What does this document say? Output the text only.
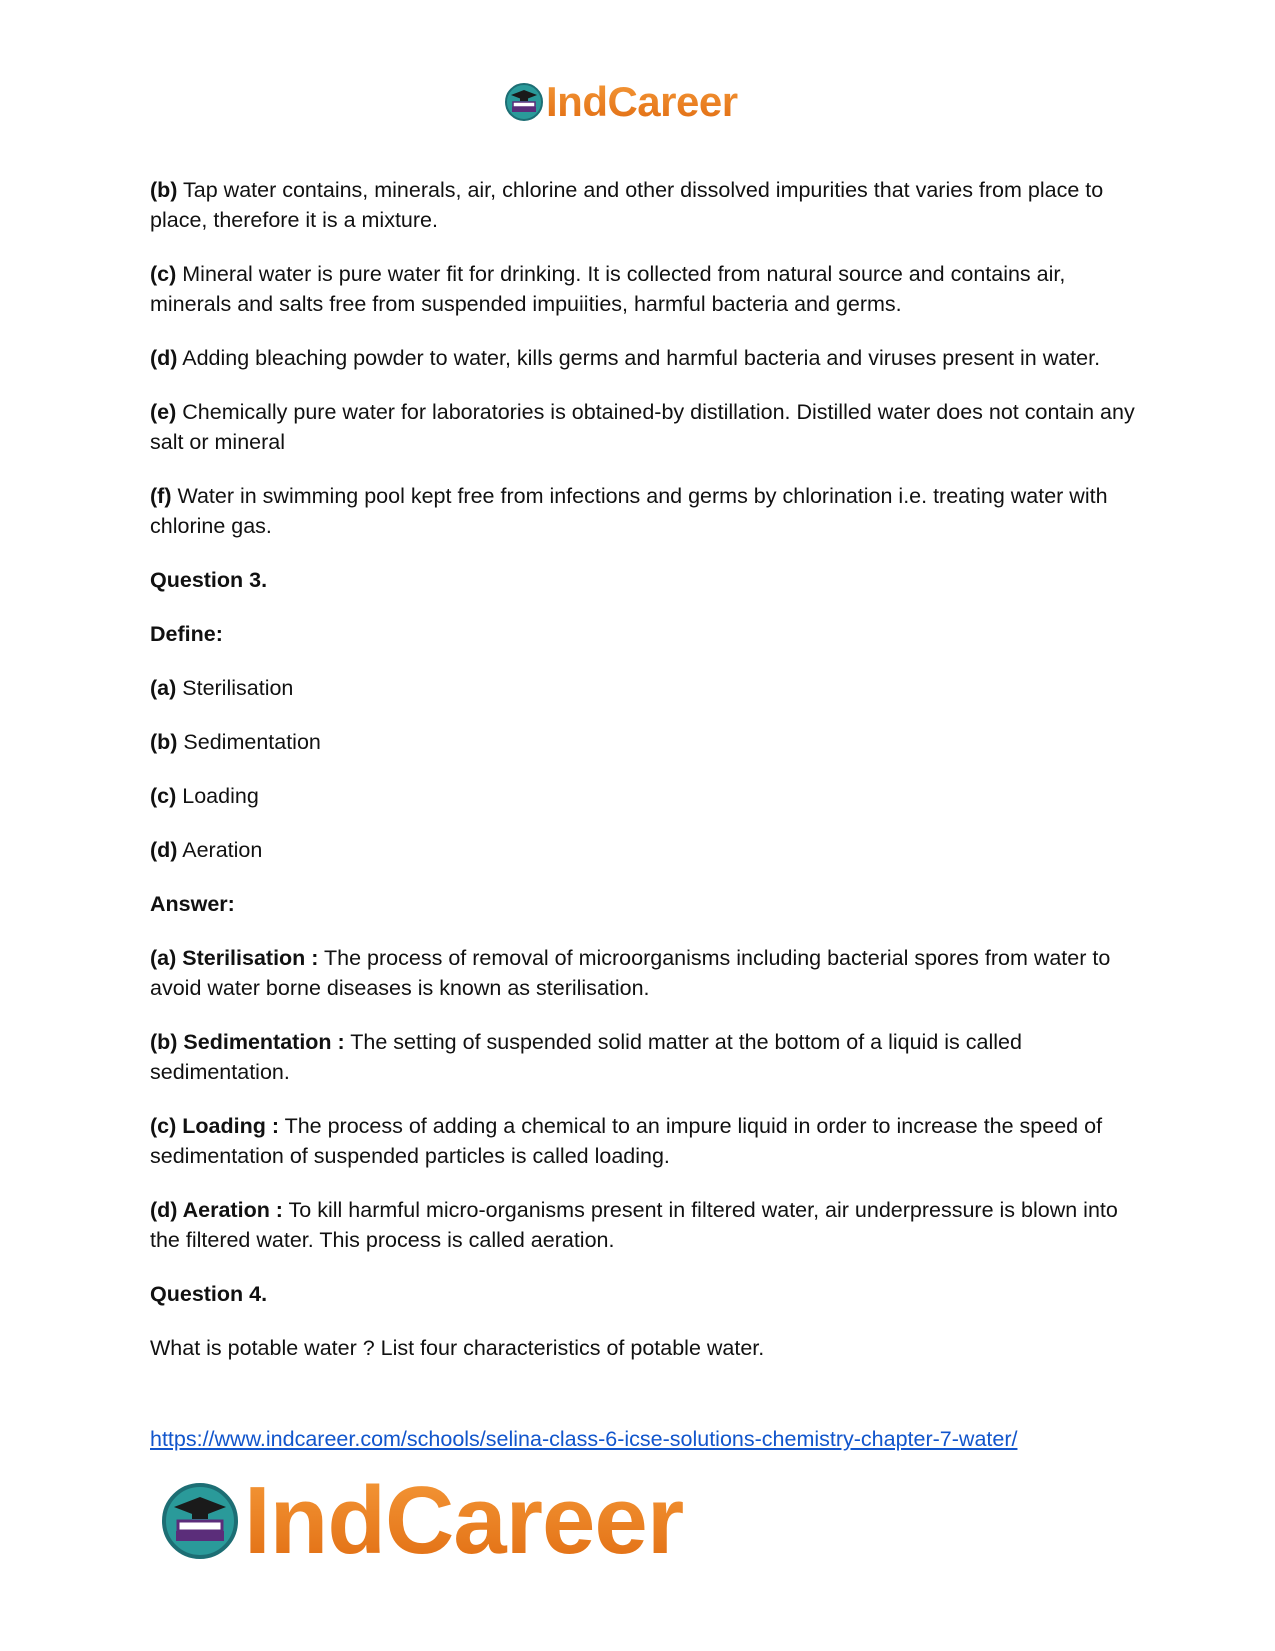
IndCareer

(b) Tap water contains, minerals, air, chlorine and other dissolved impurities that varies from place to place, therefore it is a mixture.

(c) Mineral water is pure water fit for drinking. It is collected from natural source and contains air, minerals and salts free from suspended impuiities, harmful bacteria and germs.

(d) Adding bleaching powder to water, kills germs and harmful bacteria and viruses present in water.

(e) Chemically pure water for laboratories is obtained-by distillation. Distilled water does not contain any salt or mineral

(f) Water in swimming pool kept free from infections and germs by chlorination i.e. treating water with chlorine gas.

Question 3.

Define:

(a) Sterilisation

(b) Sedimentation

(c) Loading

(d) Aeration

Answer:

(a) Sterilisation : The process of removal of microorganisms including bacterial spores from water to avoid water borne diseases is known as sterilisation.

(b) Sedimentation : The setting of suspended solid matter at the bottom of a liquid is called sedimentation.

(c) Loading : The process of adding a chemical to an impure liquid in order to increase the speed of sedimentation of suspended particles is called loading.

(d) Aeration : To kill harmful micro-organisms present in filtered water, air underpressure is blown into the filtered water. This process is called aeration.

Question 4.

What is potable water ? List four characteristics of potable water.

https://www.indcareer.com/schools/selina-class-6-icse-solutions-chemistry-chapter-7-water/
IndCareer
